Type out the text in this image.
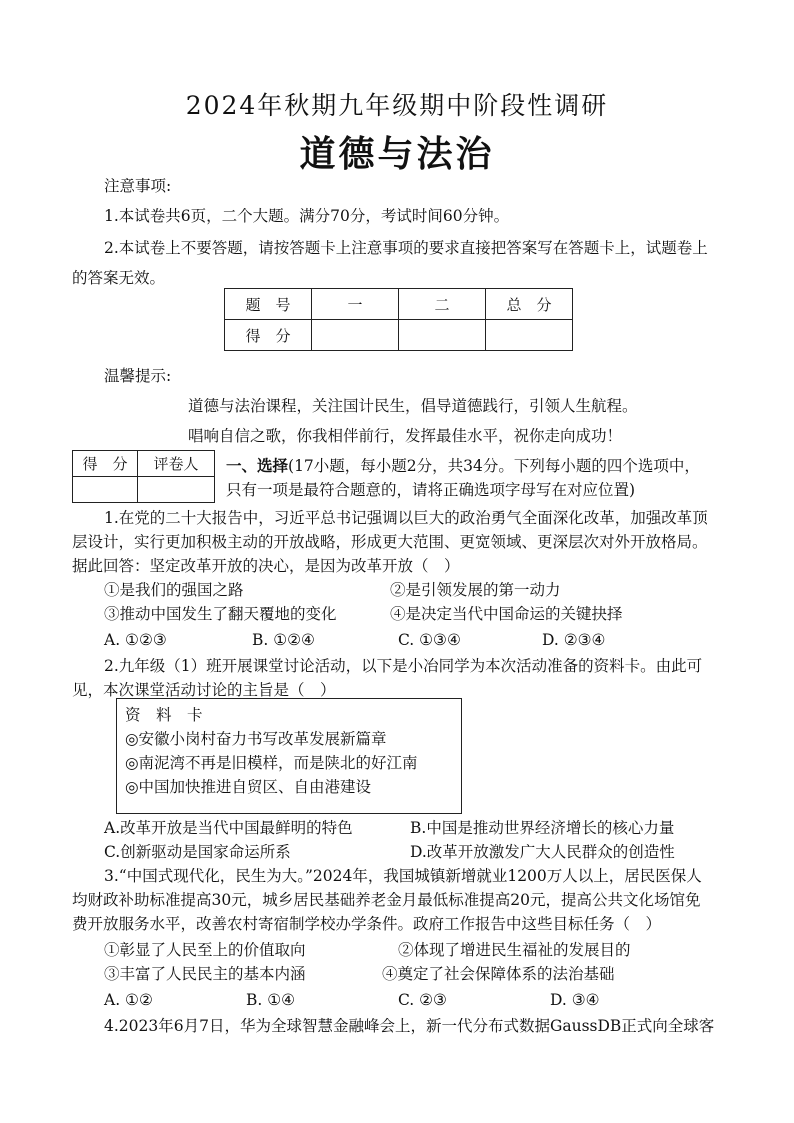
2024年秋期九年级期中阶段性调研
道德与法治
注意事项:
1.本试卷共6页，二个大题。满分70分，考试时间60分钟。
2.本试卷上不要答题，请按答题卡上注意事项的要求直接把答案写在答题卡上，试题卷上
的答案无效。
题　号	一	二	总　分
得　分			
温馨提示:
道德与法治课程，关注国计民生，倡导道德践行，引领人生航程。
唱响自信之歌，你我相伴前行，发挥最佳水平，祝你走向成功！
得　分	评卷人
	一、选择(17小题，每小题2分，共34分。下列每小题的四个选项中，
只有一项是最符合题意的，请将正确选项字母写在对应位置)
1.在党的二十大报告中，习近平总书记强调以巨大的政治勇气全面深化改革，加强改革顶
层设计，实行更加积极主动的开放战略，形成更大范围、更宽领域、更深层次对外开放格局。
据此回答：坚定改革开放的决心，是因为改革开放（　）
①是我们的强国之路	②是引领发展的第一动力
③推动中国发生了翻天覆地的变化	④是决定当代中国命运的关键抉择
A. ①②③	B. ①②④	C. ①③④	D. ②③④
2.九年级（1）班开展课堂讨论活动，以下是小冶同学为本次活动准备的资料卡。由此可
见，本次课堂活动讨论的主旨是（　）
资　料　卡
◎安徽小岗村奋力书写改革发展新篇章
◎南泥湾不再是旧模样，而是陕北的好江南
◎中国加快推进自贸区、自由港建设
A.改革开放是当代中国最鲜明的特色	B.中国是推动世界经济增长的核心力量
C.创新驱动是国家命运所系	D.改革开放激发广大人民群众的创造性
3.“中国式现代化，民生为大。”2024年，我国城镇新增就业1200万人以上，居民医保人
均财政补助标准提高30元，城乡居民基础养老金月最低标准提高20元，提高公共文化场馆免
费开放服务水平，改善农村寄宿制学校办学条件。政府工作报告中这些目标任务（　）
①彰显了人民至上的价值取向	②体现了增进民生福祉的发展目的
③丰富了人民民主的基本内涵	④奠定了社会保障体系的法治基础
A. ①②	B. ①④	C. ②③	D. ③④
4.2023年6月7日，华为全球智慧金融峰会上，新一代分布式数据GaussDB正式向全球客
